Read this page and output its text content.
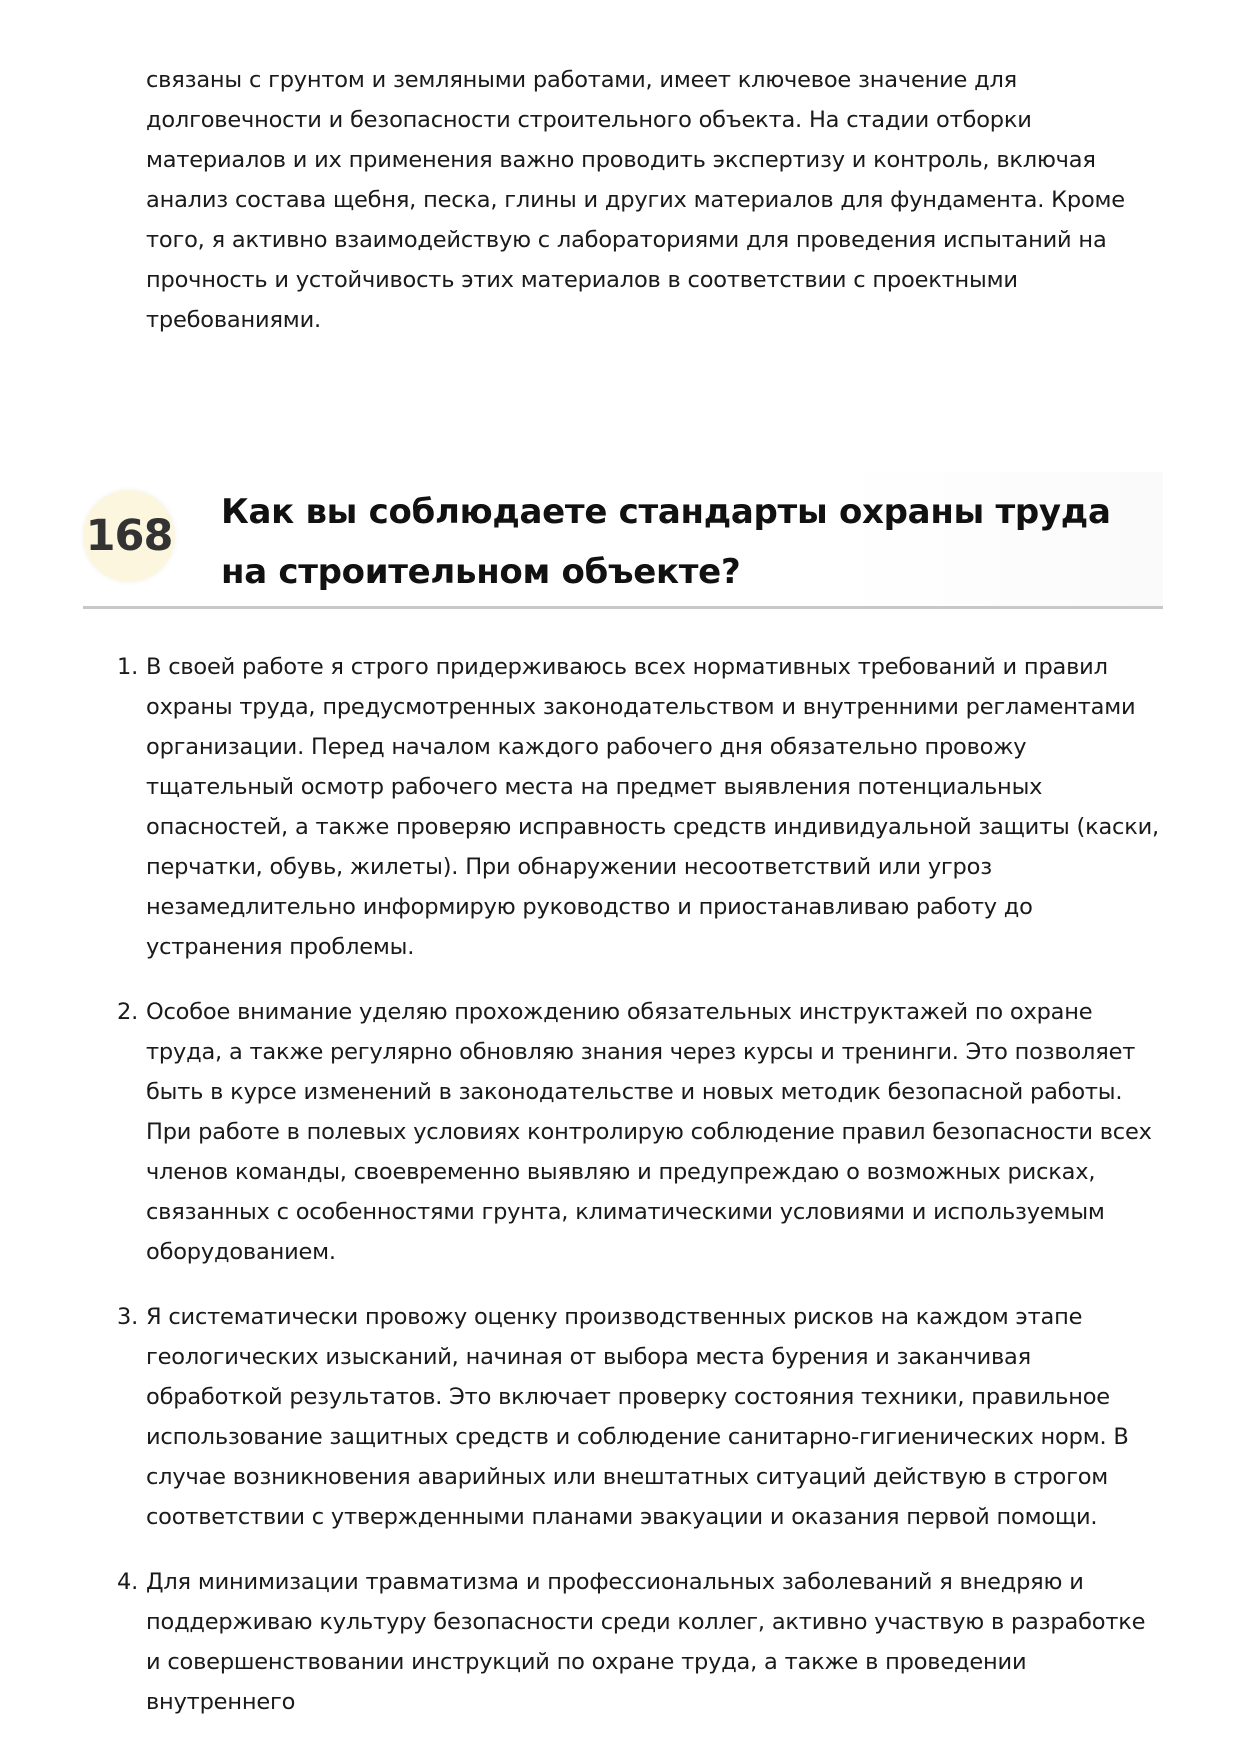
связаны с грунтом и земляными работами, имеет ключевое значение для долговечности и безопасности строительного объекта. На стадии отборки материалов и их применения важно проводить экспертизу и контроль, включая анализ состава щебня, песка, глины и других материалов для фундамента. Кроме того, я активно взаимодействую с лабораториями для проведения испытаний на прочность и устойчивость этих материалов в соответствии с проектными требованиями.

168 Как вы соблюдаете стандарты охраны труда на строительном объекте?
1. В своей работе я строго придерживаюсь всех нормативных требований и правил охраны труда, предусмотренных законодательством и внутренними регламентами организации. Перед началом каждого рабочего дня обязательно провожу тщательный осмотр рабочего места на предмет выявления потенциальных опасностей, а также проверяю исправность средств индивидуальной защиты (каски, перчатки, обувь, жилеты). При обнаружении несоответствий или угроз незамедлительно информирую руководство и приостанавливаю работу до устранения проблемы.
2. Особое внимание уделяю прохождению обязательных инструктажей по охране труда, а также регулярно обновляю знания через курсы и тренинги. Это позволяет быть в курсе изменений в законодательстве и новых методик безопасной работы. При работе в полевых условиях контролирую соблюдение правил безопасности всех членов команды, своевременно выявляю и предупреждаю о возможных рисках, связанных с особенностями грунта, климатическими условиями и используемым оборудованием.
3. Я систематически провожу оценку производственных рисков на каждом этапе геологических изысканий, начиная от выбора места бурения и заканчивая обработкой результатов. Это включает проверку состояния техники, правильное использование защитных средств и соблюдение санитарно-гигиенических норм. В случае возникновения аварийных или внештатных ситуаций действую в строгом соответствии с утвержденными планами эвакуации и оказания первой помощи.
4. Для минимизации травматизма и профессиональных заболеваний я внедряю и поддерживаю культуру безопасности среди коллег, активно участвую в разработке и совершенствовании инструкций по охране труда, а также в проведении внутреннего
